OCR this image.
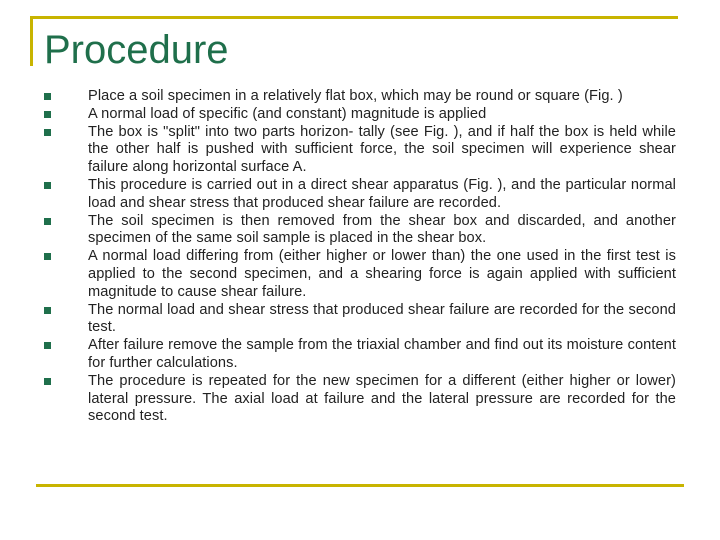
Procedure
Place a soil specimen in a relatively flat box, which may be round or square (Fig. )
A normal load of specific (and constant) magnitude is applied
The box is "split" into two parts horizon- tally (see Fig. ), and if half the box is held while the other half is pushed with sufficient force, the soil specimen will experience shear failure along horizontal surface A.
This procedure is carried out in a direct shear apparatus (Fig. ), and the particular normal load and shear stress that produced shear failure are recorded.
The soil specimen is then removed from the shear box and discarded, and another specimen of the same soil sample is placed in the shear box.
A normal load differing from (either higher or lower than) the one used in the first test is applied to the second specimen, and a shearing force is again applied with sufficient magnitude to cause shear failure.
The normal load and shear stress that produced shear failure are recorded for the second test.
After failure remove the sample from the triaxial chamber and find out its moisture content for further calculations.
The procedure is repeated for the new specimen for a different (either higher or lower) lateral pressure. The axial load at failure and the lateral pressure are recorded for the second test.
